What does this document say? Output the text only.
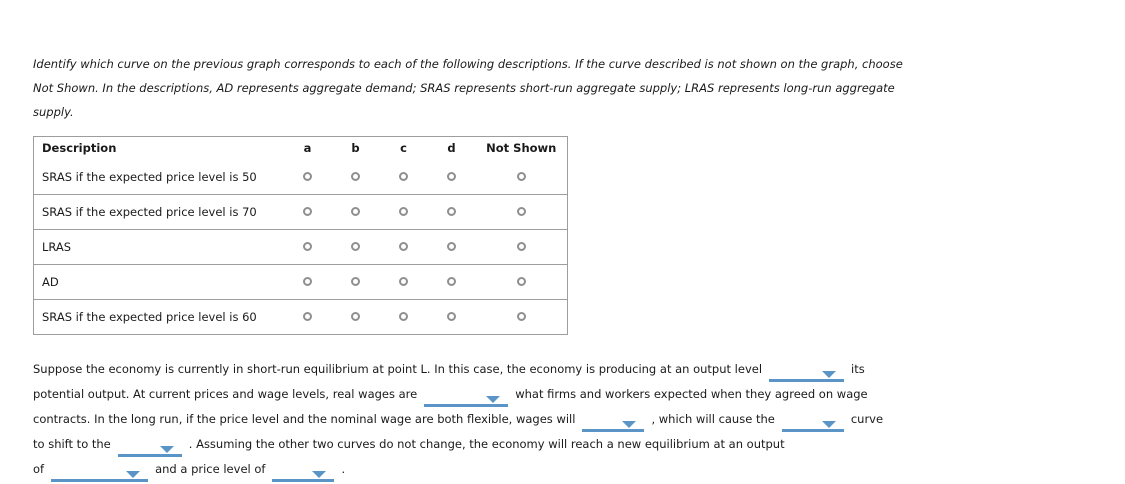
Identify which curve on the previous graph corresponds to each of the following descriptions. If the curve described is not shown on the graph, choose
Not Shown. In the descriptions, AD represents aggregate demand; SRAS represents short-run aggregate supply; LRAS represents long-run aggregate
supply.
Description	a	b	c	d	Not Shown
SRAS if the expected price level is 50					
SRAS if the expected price level is 70					
LRAS					
AD					
SRAS if the expected price level is 60					
Suppose the economy is currently in short-run equilibrium at point L. In this case, the economy is producing at an output level	its
potential output. At current prices and wage levels, real wages are	what firms and workers expected when they agreed on wage
contracts. In the long run, if the price level and the nominal wage are both flexible, wages will	, which will cause the	curve
to shift to the	. Assuming the other two curves do not change, the economy will reach a new equilibrium at an output
of	and a price level of	.
